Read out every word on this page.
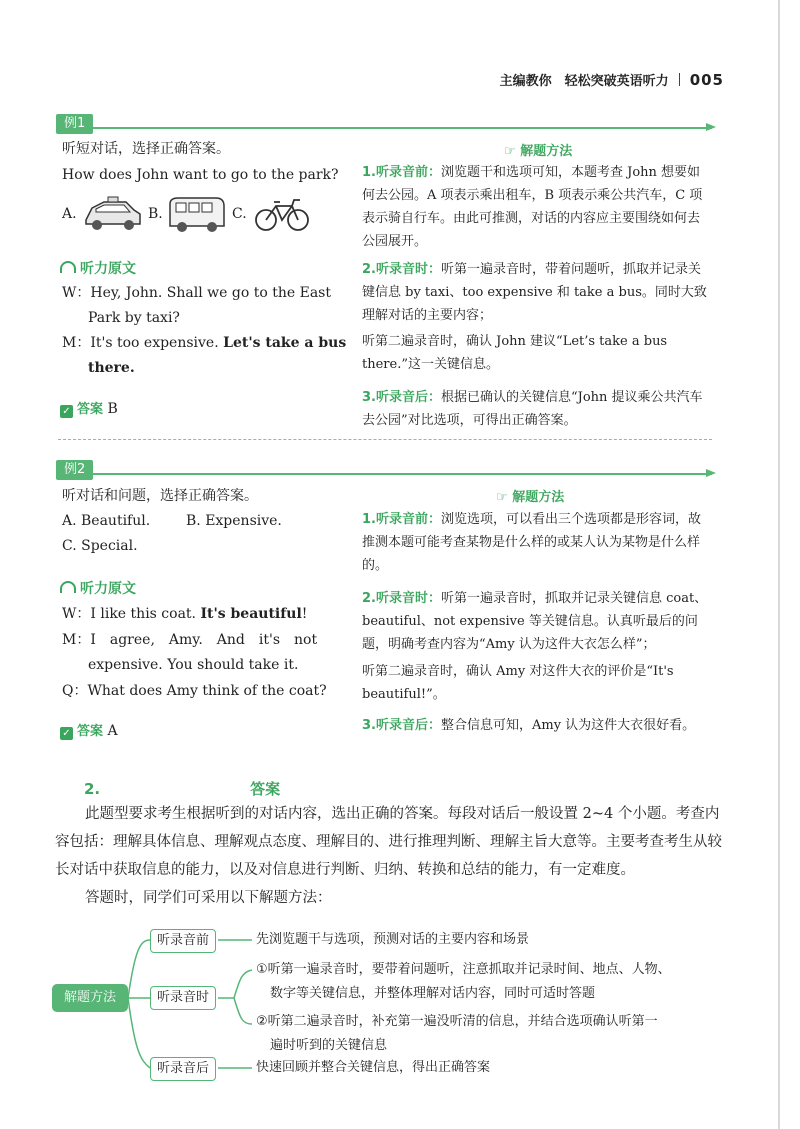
主编教你　轻松突破英语听力 005
例1
听短对话，选择正确答案。
How does John want to go to the park?
A.	B.	C.
听力原文
W：Hey, John. Shall we go to the East
Park by taxi?
M：It's too expensive. Let's take a bus
there.
✓ 答案 B
☞ 解题方法
1.听录音前：浏览题干和选项可知，本题考查 John 想要如何去公园。A 项表示乘出租车，B 项表示乘公共汽车，C 项表示骑自行车。由此可推测，对话的内容应主要围绕如何去公园展开。
2.听录音时：听第一遍录音时，带着问题听，抓取并记录关键信息 by taxi、too expensive 和 take a bus。同时大致理解对话的主要内容；
听第二遍录音时，确认 John 建议“Let’s take a bus there.”这一关键信息。
3.听录音后：根据已确认的关键信息“John 提议乘公共汽车去公园”对比选项，可得出正确答案。
例2
听对话和问题，选择正确答案。
A. Beautiful.	B. Expensive.
C. Special.
听力原文
W：I like this coat. It's beautiful!
M：I　agree,　Amy.　And　it's　not
expensive. You should take it.
Q：What does Amy think of the coat?
✓ 答案 A
☞ 解题方法
1.听录音前：浏览选项，可以看出三个选项都是形容词，故推测本题可能考查某物是什么样的或某人认为某物是什么样的。
2.听录音时：听第一遍录音时，抓取并记录关键信息 coat、beautiful、not expensive 等关键信息。认真听最后的问题，明确考查内容为“Amy 认为这件大衣怎么样”；
听第二遍录音时，确认 Amy 对这件大衣的评价是“It's beautiful!”。
3.听录音后：整合信息可知，Amy 认为这件大衣很好看。
2.	答案
此题型要求考生根据听到的对话内容，选出正确的答案。每段对话后一般设置 2~4 个小题。考查内容包括：理解具体信息、理解观点态度、理解目的、进行推理判断、理解主旨大意等。主要考查考生从较长对话中获取信息的能力，以及对信息进行判断、归纳、转换和总结的能力，有一定难度。
答题时，同学们可采用以下解题方法：
解题方法
听录音前	先浏览题干与选项，预测对话的主要内容和场景
听录音时
①听第一遍录音时，要带着问题听，注意抓取并记录时间、地点、人物、
数字等关键信息，并整体理解对话内容，同时可适时答题
②听第二遍录音时，补充第一遍没听清的信息，并结合选项确认听第一
遍时听到的关键信息
听录音后	快速回顾并整合关键信息，得出正确答案
